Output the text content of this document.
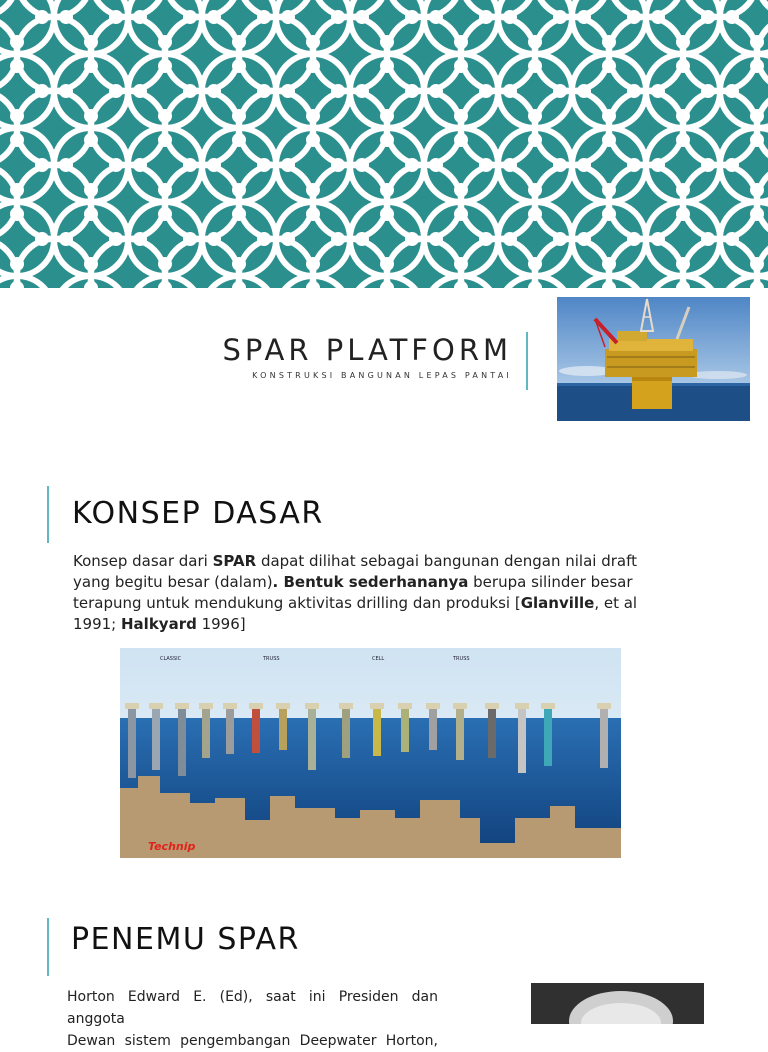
SPAR PLATFORM
KONSTRUKSI BANGUNAN LEPAS PANTAI
KONSEP DASAR
Konsep dasar dari SPAR dapat dilihat sebagai bangunan dengan nilai draft yang begitu besar (dalam). Bentuk sederhananya berupa silinder besar terapung untuk mendukung aktivitas drilling dan produksi [Glanville, et al 1991; Halkyard 1996]
CLASSIC	TRUSS	CELL	TRUSS
Technip
PENEMU SPAR
Horton Edward E. (Ed), saat ini Presiden dan anggota
Dewan sistem pengembangan Deepwater Horton,
